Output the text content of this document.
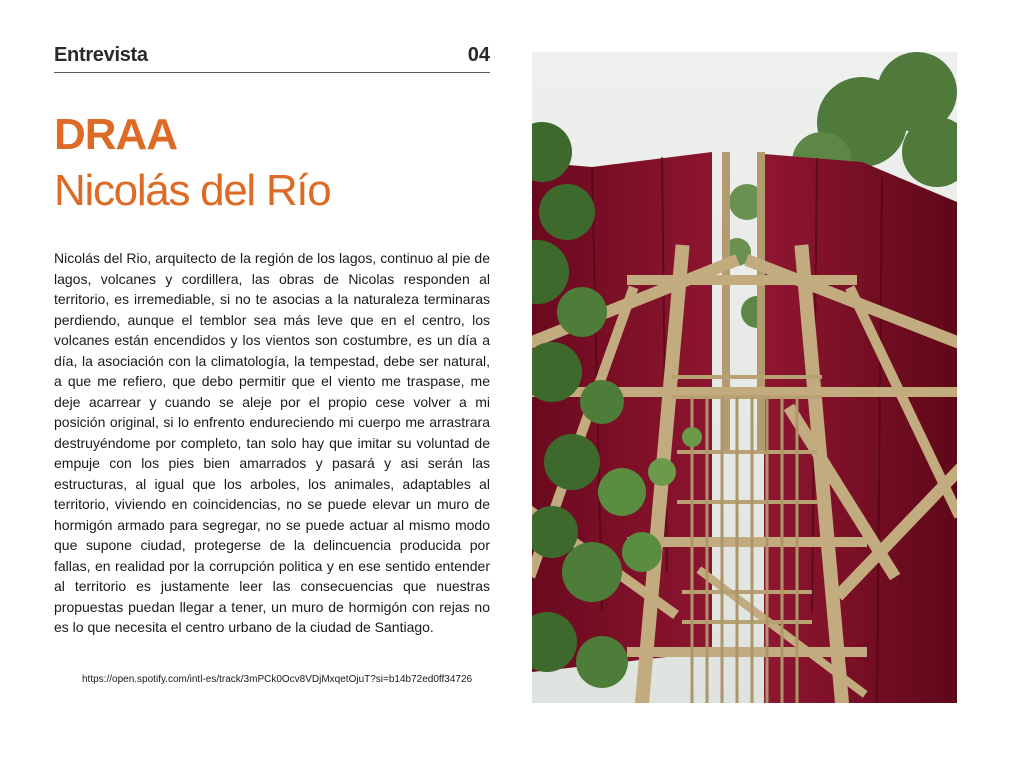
Entrevista	04
DRAA
Nicolás del Río

Nicolás del Rio, arquitecto de la región de los lagos, continuo al pie de lagos, volcanes y cordillera, las obras de Nicolas responden al territorio, es irremediable, si no te asocias a la naturaleza terminaras perdiendo, aunque el temblor sea más leve que en el centro, los volcanes están encendidos y los vientos son costumbre, es un día a día, la asociación con la climatología, la tempestad, debe ser natural, a que me refiero, que debo permitir que el viento me traspase, me deje acarrear y cuando se aleje por el propio cese volver a mi posición original, si lo enfrento endureciendo mi cuerpo me arrastrara destruyéndome por completo, tan solo hay que imitar su voluntad de empuje con los pies bien amarrados y pasará y asi serán las estructuras, al igual que los arboles, los animales, adaptables al territorio, viviendo en coincidencias, no se puede elevar un muro de hormigón armado para segregar, no se puede actuar al mismo modo que supone ciudad, protegerse de la delincuencia producida por fallas, en realidad por la corrupción politica y en ese sentido entender al territorio es justamente leer las consecuencias que nuestras propuestas puedan llegar a tener, un muro de hormigón con rejas no es lo que necesita el centro urbano de la ciudad de Santiago.

https://open.spotify.com/intl-es/track/3mPCk0Ocv8VDjMxqetOjuT?si=b14b72ed0ff34726
